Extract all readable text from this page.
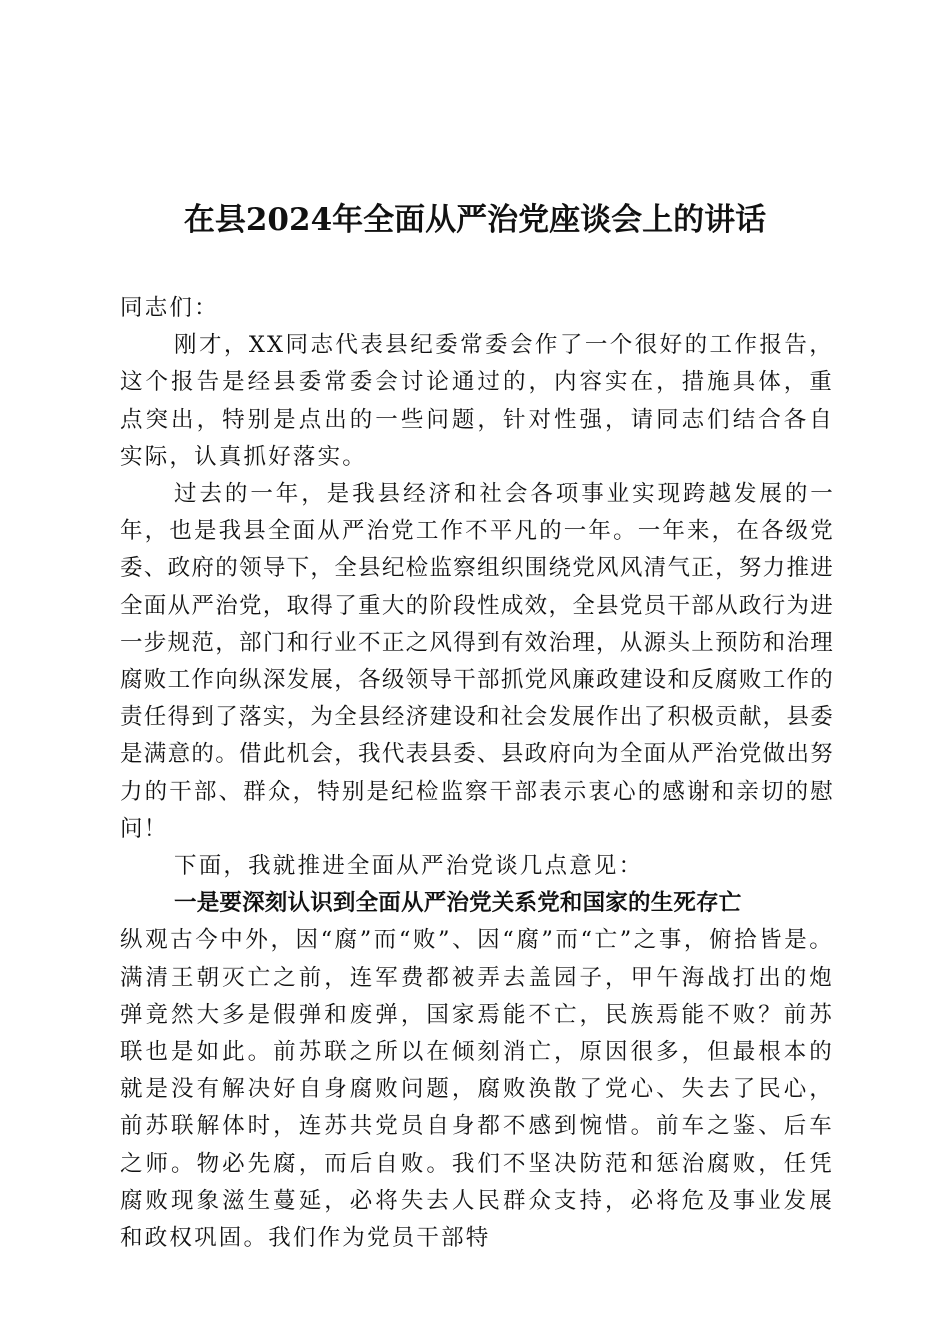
在县2024年全面从严治党座谈会上的讲话

同志们：

刚才，XX同志代表县纪委常委会作了一个很好的工作报告，这个报告是经县委常委会讨论通过的，内容实在，措施具体，重点突出，特别是点出的一些问题，针对性强，请同志们结合各自实际，认真抓好落实。

过去的一年，是我县经济和社会各项事业实现跨越发展的一年，也是我县全面从严治党工作不平凡的一年。一年来，在各级党委、政府的领导下，全县纪检监察组织围绕党风风清气正，努力推进全面从严治党，取得了重大的阶段性成效，全县党员干部从政行为进一步规范，部门和行业不正之风得到有效治理，从源头上预防和治理腐败工作向纵深发展，各级领导干部抓党风廉政建设和反腐败工作的责任得到了落实，为全县经济建设和社会发展作出了积极贡献，县委是满意的。借此机会，我代表县委、县政府向为全面从严治党做出努力的干部、群众，特别是纪检监察干部表示衷心的感谢和亲切的慰问！

下面，我就推进全面从严治党谈几点意见：

一是要深刻认识到全面从严治党关系党和国家的生死存亡

纵观古今中外，因“腐”而“败”、因“腐”而“亡”之事，俯拾皆是。满清王朝灭亡之前，连军费都被弄去盖园子，甲午海战打出的炮弹竟然大多是假弹和废弹，国家焉能不亡，民族焉能不败？前苏联也是如此。前苏联之所以在倾刻消亡，原因很多，但最根本的就是没有解决好自身腐败问题，腐败涣散了党心、失去了民心，前苏联解体时，连苏共党员自身都不感到惋惜。前车之鉴、后车之师。物必先腐，而后自败。我们不坚决防范和惩治腐败，任凭腐败现象滋生蔓延，必将失去人民群众支持，必将危及事业发展和政权巩固。我们作为党员干部特
